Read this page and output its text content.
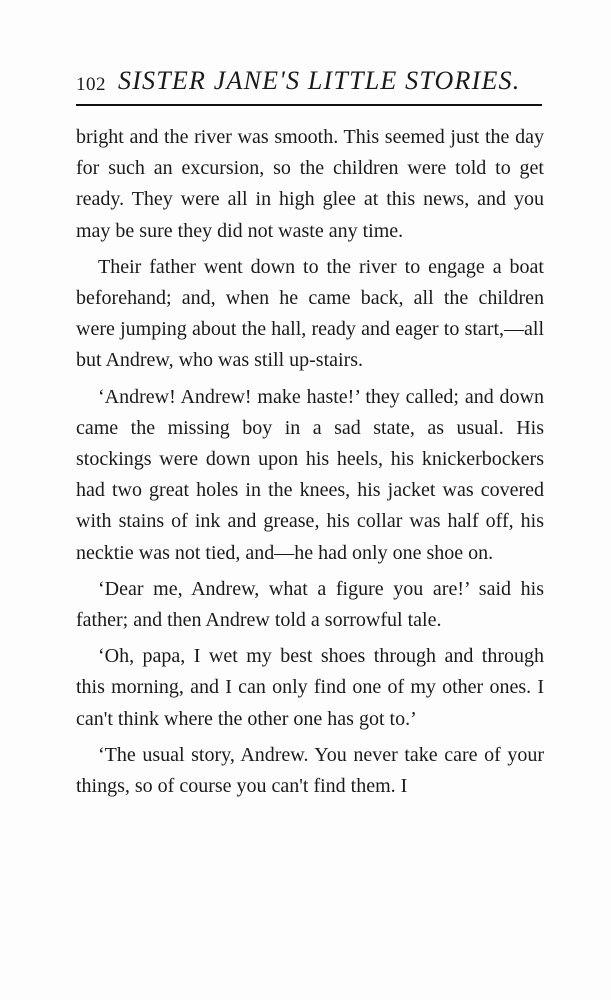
102 SISTER JANE'S LITTLE STORIES.

bright and the river was smooth. This seemed just the day for such an excursion, so the children were told to get ready. They were all in high glee at this news, and you may be sure they did not waste any time.

Their father went down to the river to engage a boat beforehand; and, when he came back, all the children were jumping about the hall, ready and eager to start,—all but Andrew, who was still up-stairs.

‘Andrew! Andrew! make haste!’ they called; and down came the missing boy in a sad state, as usual. His stockings were down upon his heels, his knickerbockers had two great holes in the knees, his jacket was covered with stains of ink and grease, his collar was half off, his necktie was not tied, and—he had only one shoe on.

‘Dear me, Andrew, what a figure you are!’ said his father; and then Andrew told a sorrowful tale.

‘Oh, papa, I wet my best shoes through and through this morning, and I can only find one of my other ones. I can't think where the other one has got to.’

‘The usual story, Andrew. You never take care of your things, so of course you can't find them. I
